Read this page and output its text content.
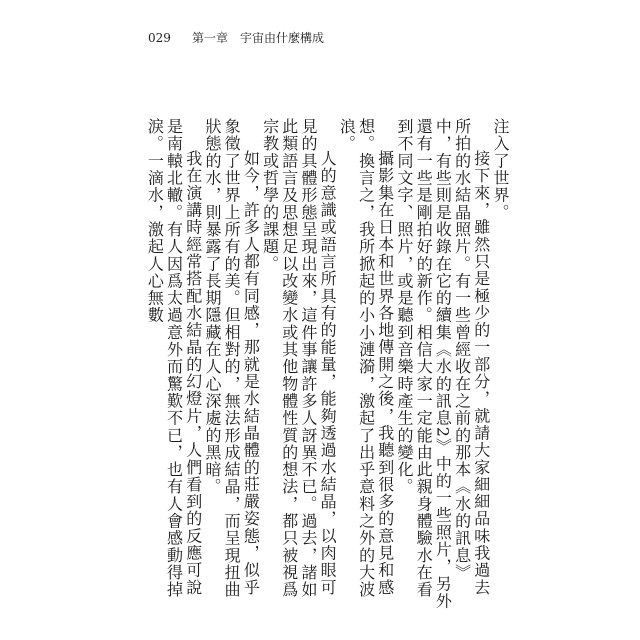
029 第一章　宇宙由什麼構成

注入了世界。

接下來，雖然只是極少的一部分，就請大家細細品味我過去所拍的水結晶照片。有一些曾經收在之前的那本《水的訊息》中，有些則是收錄在它的續集《水的訊息2》中的一些照片，另外還有一些是剛拍好的新作。相信大家一定能由此親身體驗水在看到不同文字、照片，或是聽到音樂時產生的變化。

攝影集在日本和世界各地傳開之後，我聽到很多的意見和感想。換言之，我所掀起的小小漣漪，激起了出乎意料之外的大波浪。

人的意識或語言所具有的能量，能夠透過水結晶，以肉眼可見的具體形態呈現出來，這件事讓許多人訝異不已。過去，諸如此類語言及思想足以改變水或其他物體性質的想法，都只被視爲宗教或哲學的課題。

如今，許多人都有同感，那就是水結晶體的莊嚴姿態，似乎象徵了世界上所有的美。但相對的，無法形成結晶，而呈現扭曲狀態的水，則暴露了長期隱藏在人心深處的黑暗。

我在演講時經常搭配水結晶的幻燈片，人們看到的反應可說是南轅北轍。有人因爲太過意外而驚歎不已，也有人會感動得掉淚。一滴水，激起人心無數
